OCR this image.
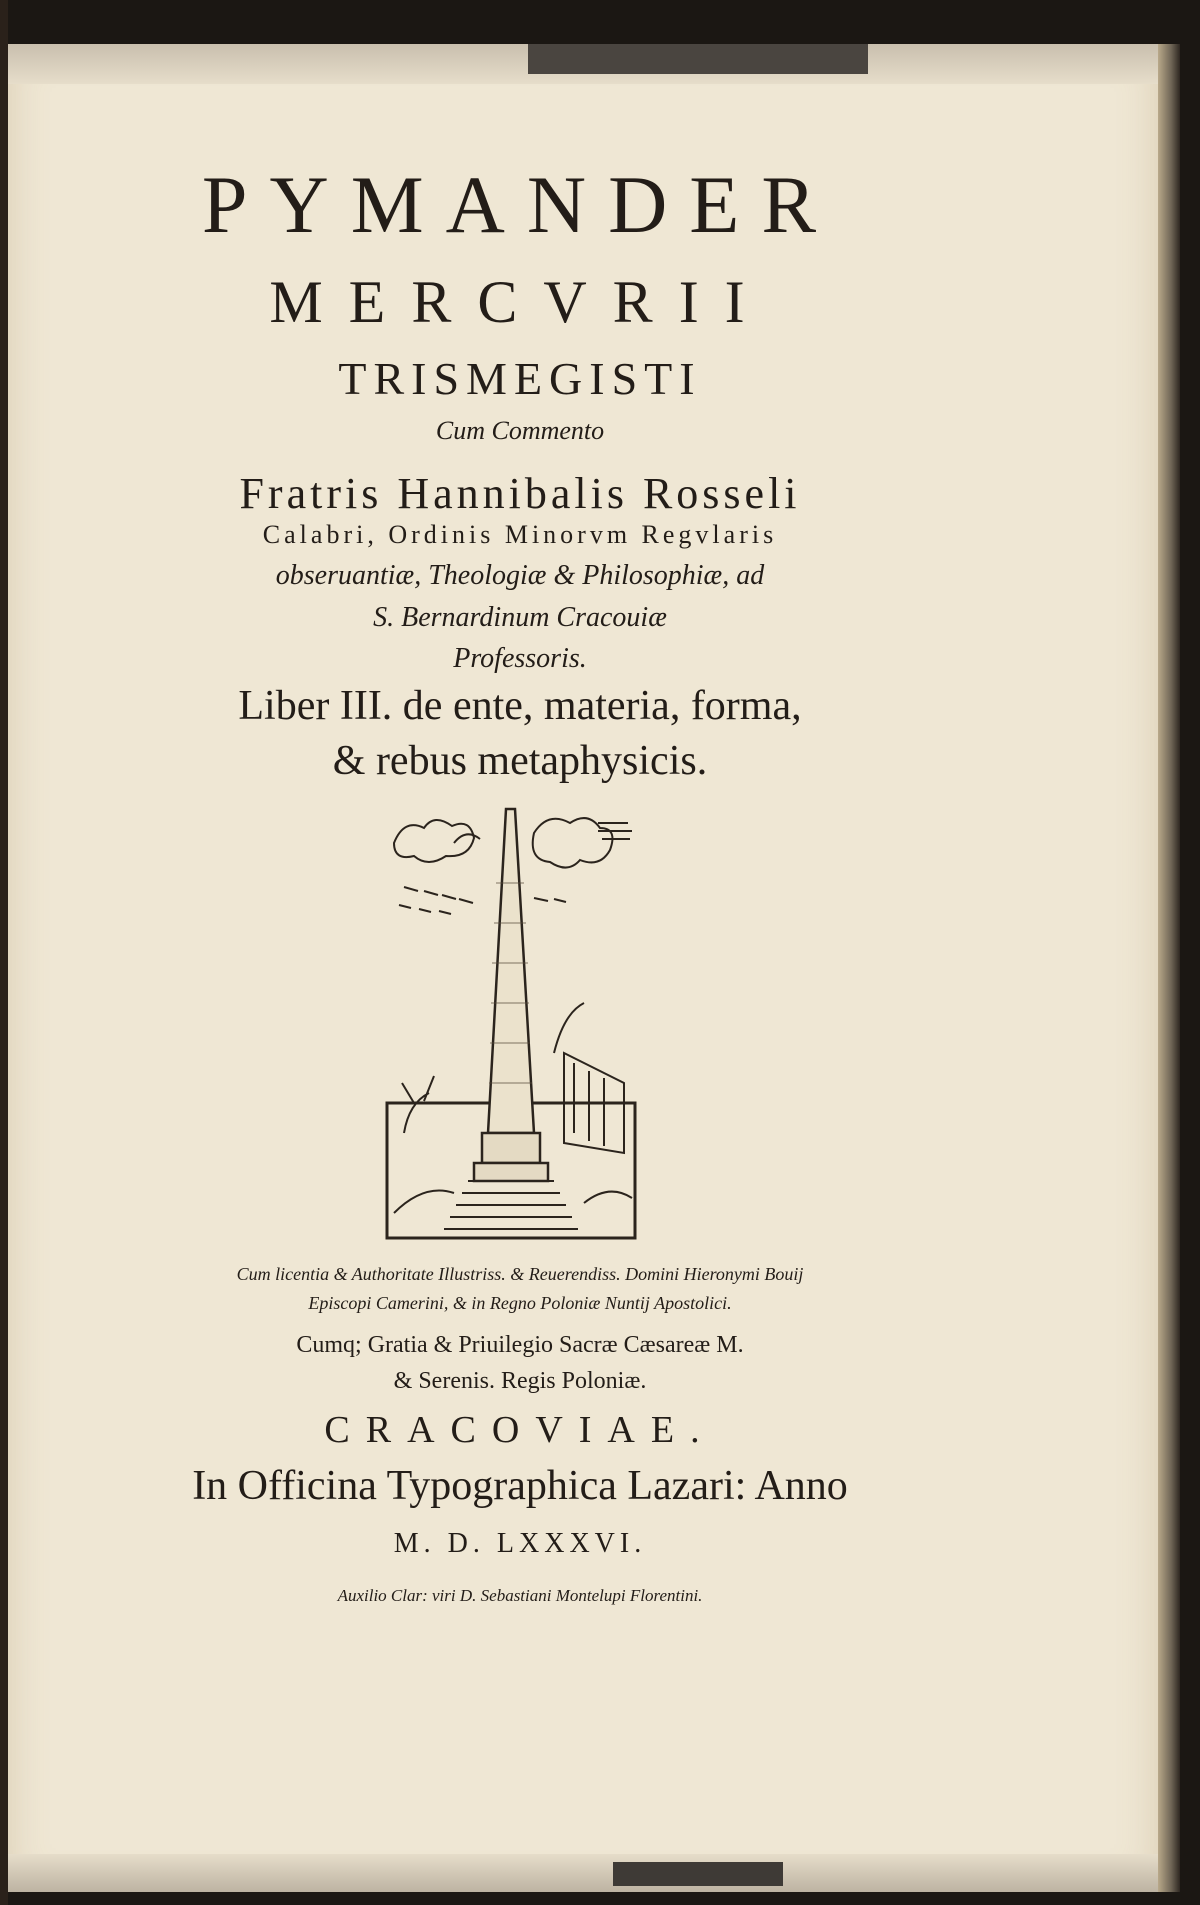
PYMANDER
MERCVRII
TRISMEGISTI
Cum Commento
Fratris Hannibalis Rosseli
Calabri, Ordinis Minorvm Regvlaris
obseruantiæ, Theologiæ & Philosophiæ, ad
S. Bernardinum Cracouiæ
Professoris.
Liber III. de ente, materia, forma,
& rebus metaphysicis.
Cum licentia & Authoritate Illustriss. & Reuerendiss. Domini Hieronymi Bouij
Episcopi Camerini, & in Regno Poloniæ Nuntij Apostolici.
Cumq; Gratia & Priuilegio Sacræ Cæsareæ M.
& Serenis. Regis Poloniæ.
CRACOVIAE.
In Officina Typographica Lazari: Anno
M. D. LXXXVI.
Auxilio Clar: viri D. Sebastiani Montelupi Florentini.
